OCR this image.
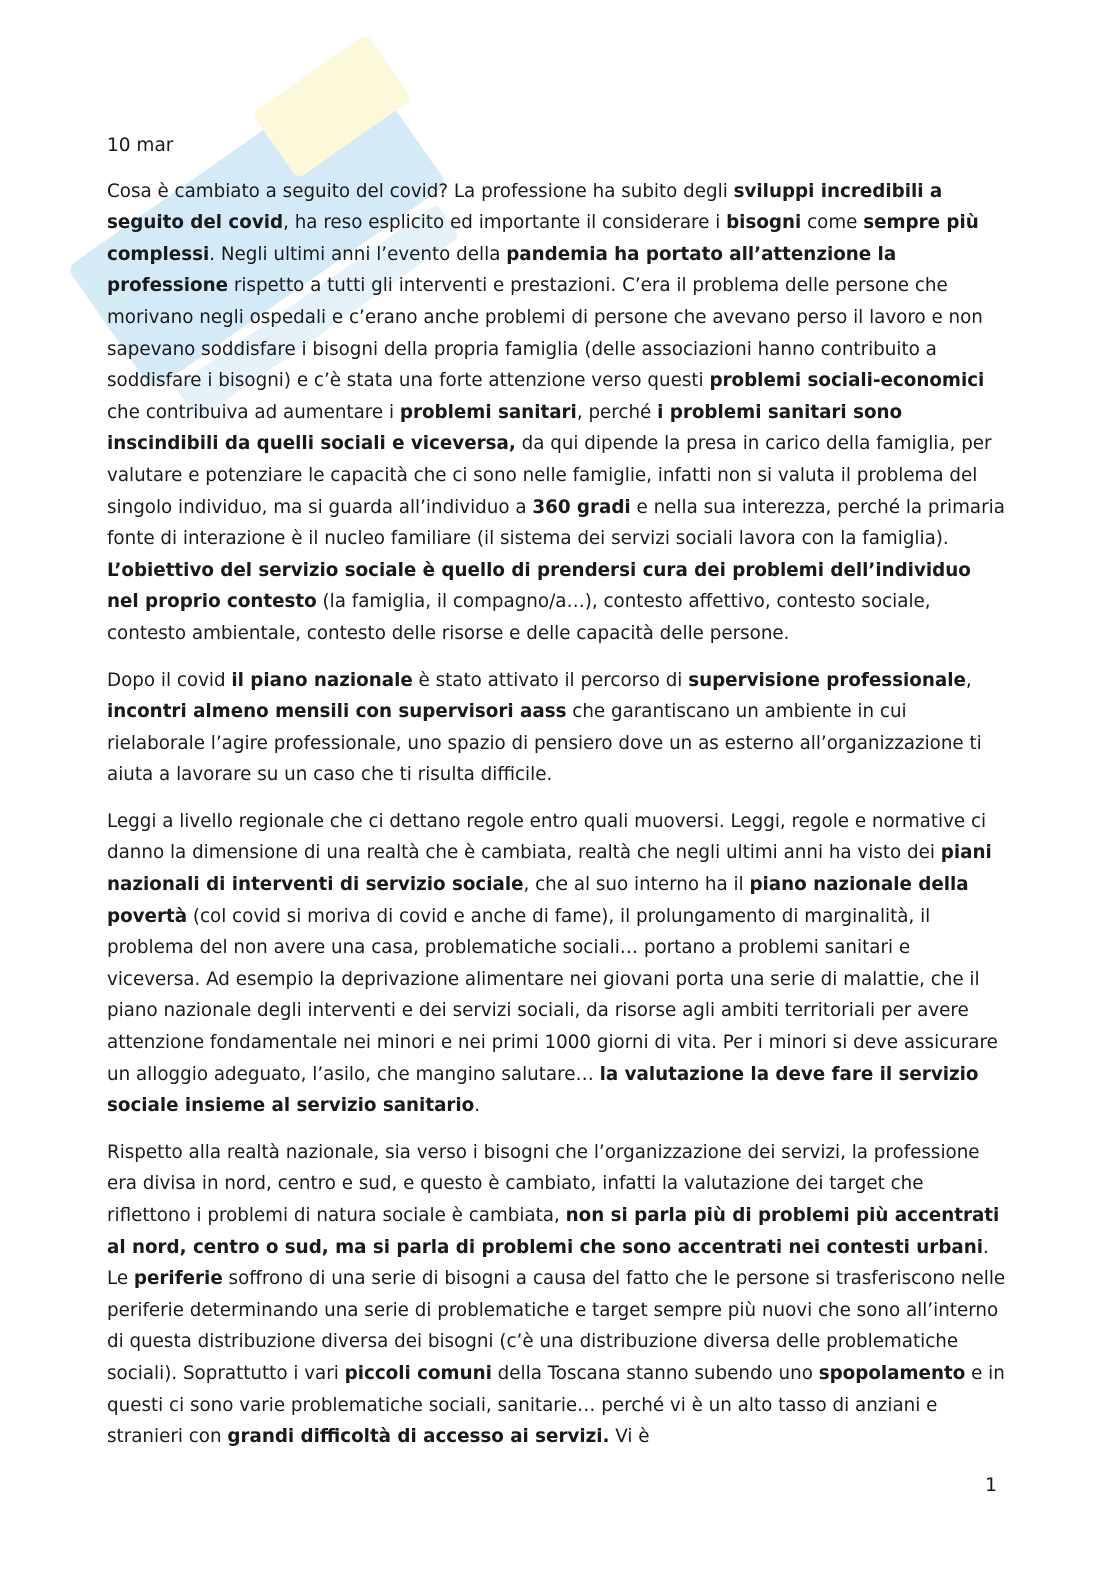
10 mar

Cosa è cambiato a seguito del covid? La professione ha subito degli sviluppi incredibili a seguito del covid, ha reso esplicito ed importante il considerare i bisogni come sempre più complessi. Negli ultimi anni l’evento della pandemia ha portato all’attenzione la professione rispetto a tutti gli interventi e prestazioni. C’era il problema delle persone che morivano negli ospedali e c’erano anche problemi di persone che avevano perso il lavoro e non sapevano soddisfare i bisogni della propria famiglia (delle associazioni hanno contribuito a soddisfare i bisogni) e c’è stata una forte attenzione verso questi problemi sociali-economici che contribuiva ad aumentare i problemi sanitari, perché i problemi sanitari sono inscindibili da quelli sociali e viceversa, da qui dipende la presa in carico della famiglia, per valutare e potenziare le capacità che ci sono nelle famiglie, infatti non si valuta il problema del singolo individuo, ma si guarda all’individuo a 360 gradi e nella sua interezza, perché la primaria fonte di interazione è il nucleo familiare (il sistema dei servizi sociali lavora con la famiglia). L’obiettivo del servizio sociale è quello di prendersi cura dei problemi dell’individuo nel proprio contesto (la famiglia, il compagno/a…), contesto affettivo, contesto sociale, contesto ambientale, contesto delle risorse e delle capacità delle persone.

Dopo il covid il piano nazionale è stato attivato il percorso di supervisione professionale, incontri almeno mensili con supervisori aass che garantiscano un ambiente in cui rielaborale l’agire professionale, uno spazio di pensiero dove un as esterno all’organizzazione ti aiuta a lavorare su un caso che ti risulta difficile.

Leggi a livello regionale che ci dettano regole entro quali muoversi. Leggi, regole e normative ci danno la dimensione di una realtà che è cambiata, realtà che negli ultimi anni ha visto dei piani nazionali di interventi di servizio sociale, che al suo interno ha il piano nazionale della povertà (col covid si moriva di covid e anche di fame), il prolungamento di marginalità, il problema del non avere una casa, problematiche sociali… portano a problemi sanitari e viceversa. Ad esempio la deprivazione alimentare nei giovani porta una serie di malattie, che il piano nazionale degli interventi e dei servizi sociali, da risorse agli ambiti territoriali per avere attenzione fondamentale nei minori e nei primi 1000 giorni di vita. Per i minori si deve assicurare un alloggio adeguato, l’asilo, che mangino salutare… la valutazione la deve fare il servizio sociale insieme al servizio sanitario.

Rispetto alla realtà nazionale, sia verso i bisogni che l’organizzazione dei servizi, la professione era divisa in nord, centro e sud, e questo è cambiato, infatti la valutazione dei target che riflettono i problemi di natura sociale è cambiata, non si parla più di problemi più accentrati al nord, centro o sud, ma si parla di problemi che sono accentrati nei contesti urbani. Le periferie soffrono di una serie di bisogni a causa del fatto che le persone si trasferiscono nelle periferie determinando una serie di problematiche e target sempre più nuovi che sono all’interno di questa distribuzione diversa dei bisogni (c’è una distribuzione diversa delle problematiche sociali). Soprattutto i vari piccoli comuni della Toscana stanno subendo uno spopolamento e in questi ci sono varie problematiche sociali, sanitarie… perché vi è un alto tasso di anziani e stranieri con grandi difficoltà di accesso ai servizi. Vi è

1
